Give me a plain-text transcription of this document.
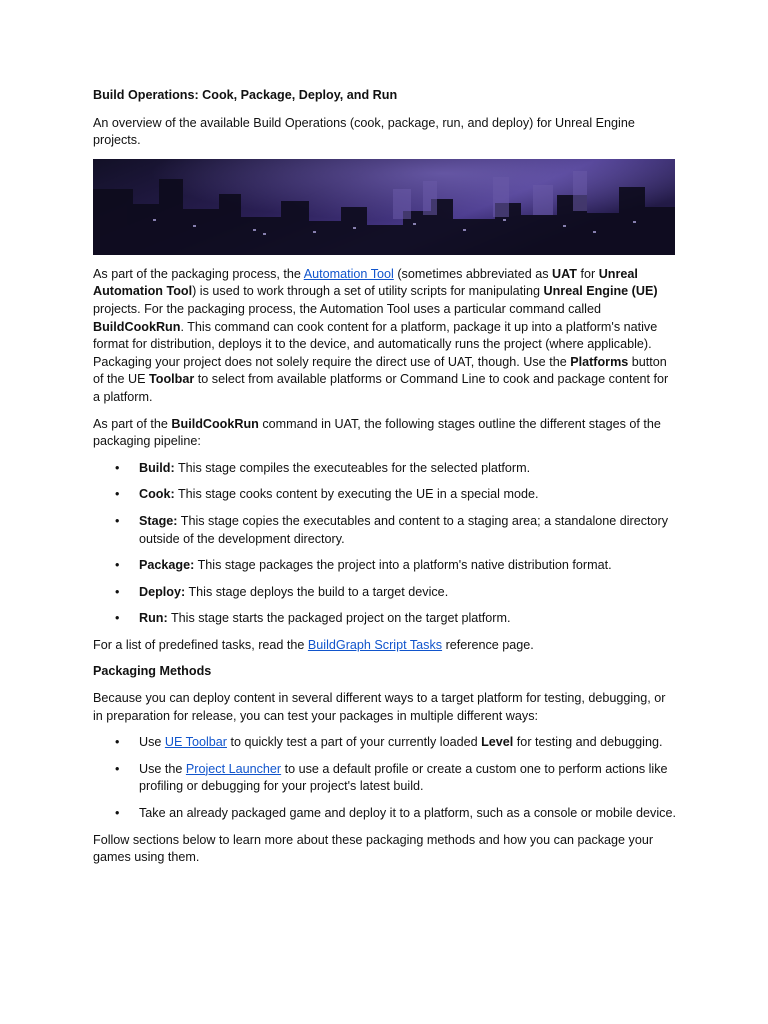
Build Operations: Cook, Package, Deploy, and Run

An overview of the available Build Operations (cook, package, run, and deploy) for Unreal Engine projects.

As part of the packaging process, the Automation Tool (sometimes abbreviated as UAT for Unreal Automation Tool) is used to work through a set of utility scripts for manipulating Unreal Engine (UE) projects. For the packaging process, the Automation Tool uses a particular command called BuildCookRun. This command can cook content for a platform, package it up into a platform's native format for distribution, deploys it to the device, and automatically runs the project (where applicable). Packaging your project does not solely require the direct use of UAT, though. Use the Platforms button of the UE Toolbar to select from available platforms or Command Line to cook and package content for a platform.

As part of the BuildCookRun command in UAT, the following stages outline the different stages of the packaging pipeline:

• Build: This stage compiles the executeables for the selected platform.
• Cook: This stage cooks content by executing the UE in a special mode.
• Stage: This stage copies the executables and content to a staging area; a standalone directory outside of the development directory.
• Package: This stage packages the project into a platform's native distribution format.
• Deploy: This stage deploys the build to a target device.
• Run: This stage starts the packaged project on the target platform.

For a list of predefined tasks, read the BuildGraph Script Tasks reference page.

Packaging Methods

Because you can deploy content in several different ways to a target platform for testing, debugging, or in preparation for release, you can test your packages in multiple different ways:

• Use UE Toolbar to quickly test a part of your currently loaded Level for testing and debugging.
• Use the Project Launcher to use a default profile or create a custom one to perform actions like profiling or debugging for your project's latest build.
• Take an already packaged game and deploy it to a platform, such as a console or mobile device.

Follow sections below to learn more about these packaging methods and how you can package your games using them.
